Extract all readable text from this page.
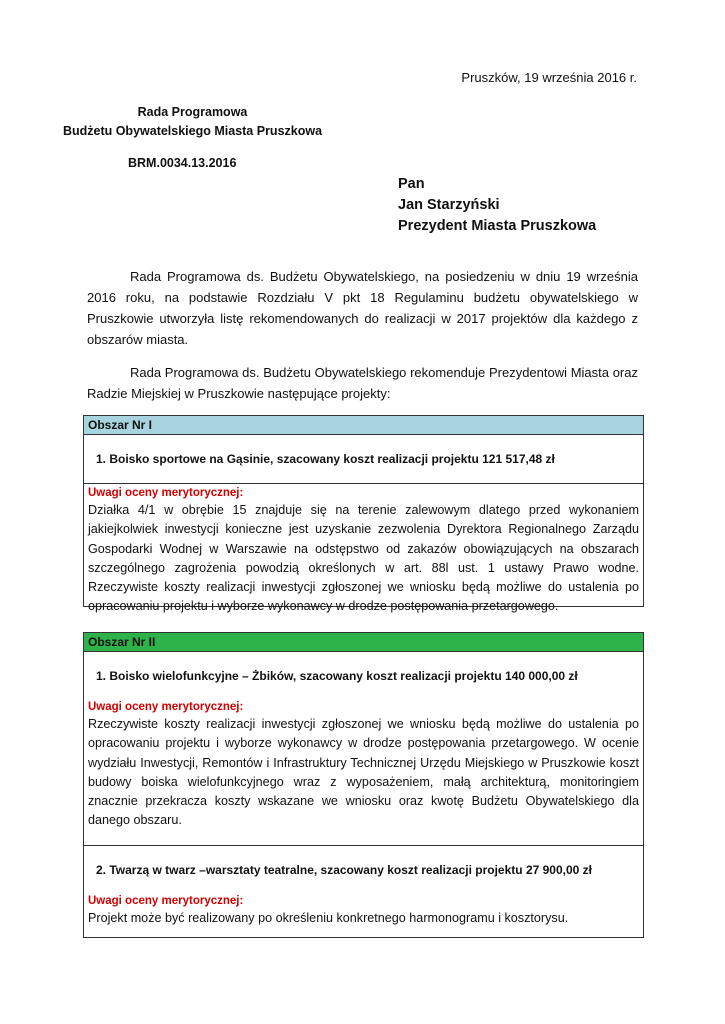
Pruszków, 19 września 2016 r.
Rada Programowa
Budżetu Obywatelskiego Miasta Pruszkowa
BRM.0034.13.2016
Pan
Jan Starzyński
Prezydent Miasta Pruszkowa
Rada Programowa ds. Budżetu Obywatelskiego, na posiedzeniu w dniu 19 września 2016 roku, na podstawie Rozdziału V pkt 18 Regulaminu budżetu obywatelskiego w Pruszkowie utworzyła listę rekomendowanych do realizacji w 2017 projektów dla każdego z obszarów miasta.
Rada Programowa ds. Budżetu Obywatelskiego rekomenduje Prezydentowi Miasta oraz Radzie Miejskiej w Pruszkowie następujące projekty:
Obszar Nr I
1. Boisko sportowe na Gąsinie, szacowany koszt realizacji projektu 121 517,48 zł
Uwagi oceny merytorycznej:
Działka 4/1 w obrębie 15 znajduje się na terenie zalewowym dlatego przed wykonaniem jakiejkolwiek inwestycji konieczne jest uzyskanie zezwolenia Dyrektora Regionalnego Zarządu Gospodarki Wodnej w Warszawie na odstępstwo od zakazów obowiązujących na obszarach szczególnego zagrożenia powodzią określonych w art. 88l ust. 1 ustawy Prawo wodne. Rzeczywiste koszty realizacji inwestycji zgłoszonej we wniosku będą możliwe do ustalenia po opracowaniu projektu i wyborze wykonawcy w drodze postępowania przetargowego.
Obszar Nr II
1. Boisko wielofunkcyjne – Żbików, szacowany koszt realizacji projektu 140 000,00 zł
Uwagi oceny merytorycznej:
Rzeczywiste koszty realizacji inwestycji zgłoszonej we wniosku będą możliwe do ustalenia po opracowaniu projektu i wyborze wykonawcy w drodze postępowania przetargowego. W ocenie wydziału Inwestycji, Remontów i Infrastruktury Technicznej Urzędu Miejskiego w Pruszkowie koszt budowy boiska wielofunkcyjnego wraz z wyposażeniem, małą architekturą, monitoringiem znacznie przekracza koszty wskazane we wniosku oraz kwotę Budżetu Obywatelskiego dla danego obszaru.
2. Twarzą w twarz –warsztaty teatralne, szacowany koszt realizacji projektu 27 900,00 zł
Uwagi oceny merytorycznej:
Projekt może być realizowany po określeniu konkretnego harmonogramu i kosztorysu.
